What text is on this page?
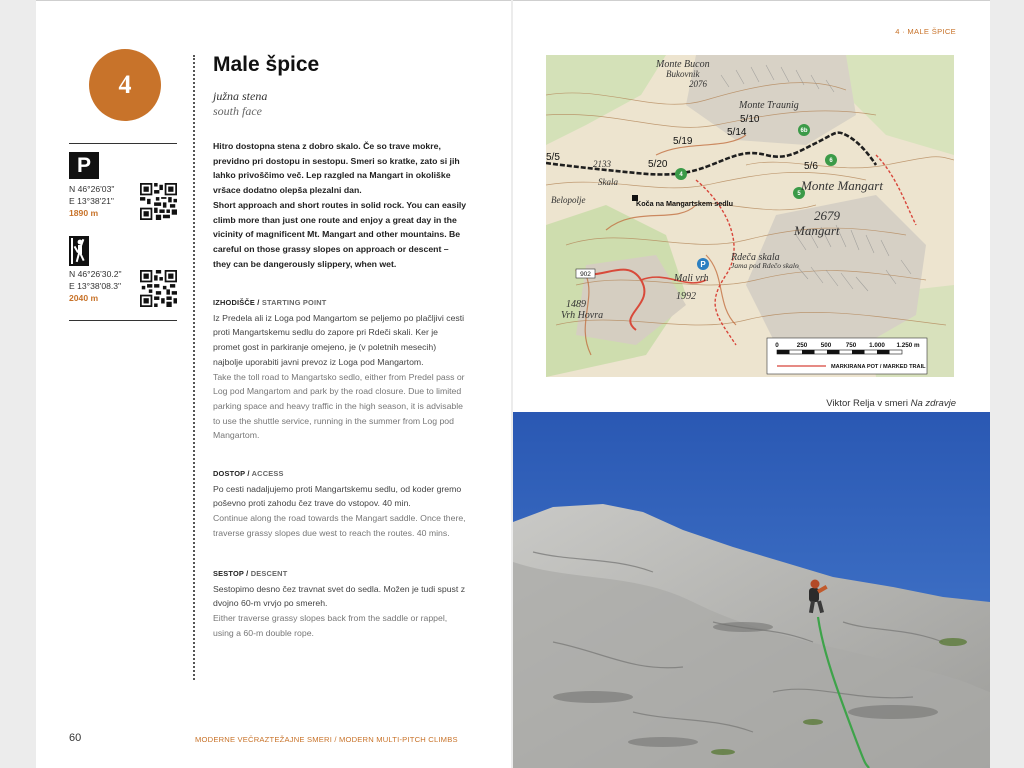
4
P
N 46°26'03"
E 13°38'21"
1890 m
N 46°26'30.2"
E 13°38'08.3"
2040 m
Male špice
južna stena
south face
Hitro dostopna stena z dobro skalo. Če so trave mokre, previdno pri dostopu in sestopu. Smeri so kratke, zato si jih lahko privoščimo več. Lep razgled na Mangart in okoliške vršace dodatno olepša plezalni dan.
Short approach and short routes in solid rock. You can easily climb more than just one route and enjoy a great day in the vicinity of magnificent Mt. Mangart and other mountains. Be careful on those grassy slopes on approach or descent – they can be dangerously slippery, when wet.
IZHODIŠČE / STARTING POINT
Iz Predela ali iz Loga pod Mangartom se peljemo po plačljivi cesti proti Mangartskemu sedlu do zapore pri Rdeči skali. Ker je promet gost in parkiranje omejeno, je (v poletnih mesecih) najbolje uporabiti javni prevoz iz Loga pod Mangartom.
Take the toll road to Mangartsko sedlo, either from Predel pass or Log pod Mangartom and park by the road closure. Due to limited parking space and heavy traffic in the high season, it is advisable to use the shuttle service, running in the summer from Log pod Mangartom.
DOSTOP / ACCESS
Po cesti nadaljujemo proti Mangartskemu sedlu, od koder gremo poševno proti zahodu čez trave do vstopov. 40 min.
Continue along the road towards the Mangart saddle. Once there, traverse grassy slopes due west to reach the routes. 40 mins.
SESTOP / DESCENT
Sestopimo desno čez travnat svet do sedla. Možen je tudi spust z dvojno 60-m vrvjo po smereh.
Either traverse grassy slopes back from the saddle or rappel, using a 60-m double rope.
60	MODERNE VEČRAZTEŽAJNE SMERI / MODERN MULTI-PITCH CLIMBS
4 · MALE ŠPICE
4
5
6
6b
P
Monte Bucon
Bukovnik
2076
Monte Traunig
2133
Skala
Belopolje
Monte Mangart
2679
Mangart
Rdeča skala
Jama pod Rdečo skalo
Mali vrh
1992
1489
Vrh Hovra
5/10
5/14
5/19
5/20
5/5
5/6
Koča na Mangartskem sedlu
902
0	250 500 750 1.000 1.250 m
MARKIRANA POT / MARKED TRAIL
Viktor Relja v smeri Na zdravje
